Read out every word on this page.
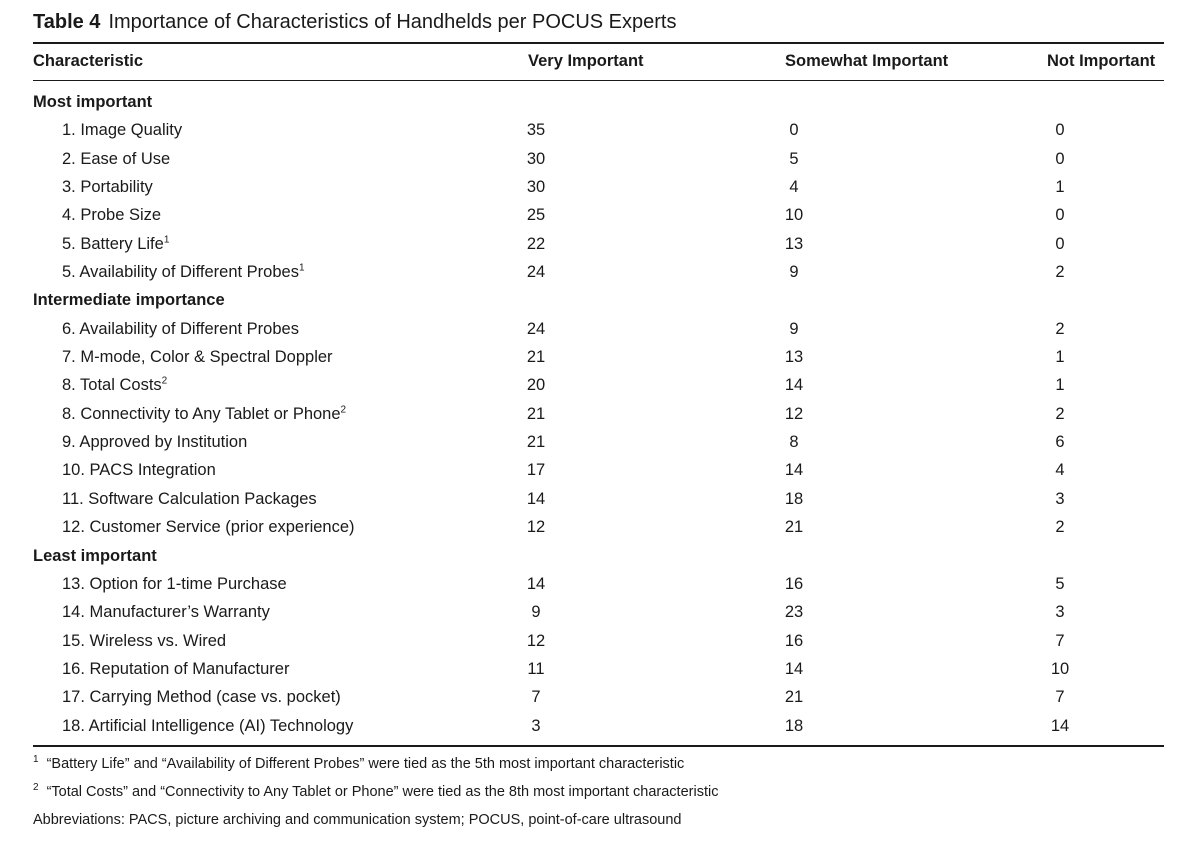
Table 4 Importance of Characteristics of Handhelds per POCUS Experts
Characteristic	Very Important	Somewhat Important	Not Important
Most important
1. Image Quality	35	0	0
2. Ease of Use	30	5	0
3. Portability	30	4	1
4. Probe Size	25	10	0
5. Battery Life$^1$	22	13	0
5. Availability of Different Probes$^1$	24	9	2
Intermediate importance
6. Availability of Different Probes	24	9	2
7. M-mode, Color & Spectral Doppler	21	13	1
8. Total Costs$^2$	20	14	1
8. Connectivity to Any Tablet or Phone$^2$	21	12	2
9. Approved by Institution	21	8	6
10. PACS Integration	17	14	4
11. Software Calculation Packages	14	18	3
12. Customer Service (prior experience)	12	21	2
Least important
13. Option for 1-time Purchase	14	16	5
14. Manufacturer’s Warranty	9	23	3
15. Wireless vs. Wired	12	16	7
16. Reputation of Manufacturer	11	14	10
17. Carrying Method (case vs. pocket)	7	21	7
18. Artificial Intelligence (AI) Technology	3	18	14
$^1$ “Battery Life” and “Availability of Different Probes” were tied as the 5th most important characteristic
$^2$ “Total Costs” and “Connectivity to Any Tablet or Phone” were tied as the 8th most important characteristic
Abbreviations: PACS, picture archiving and communication system; POCUS, point-of-care ultrasound
